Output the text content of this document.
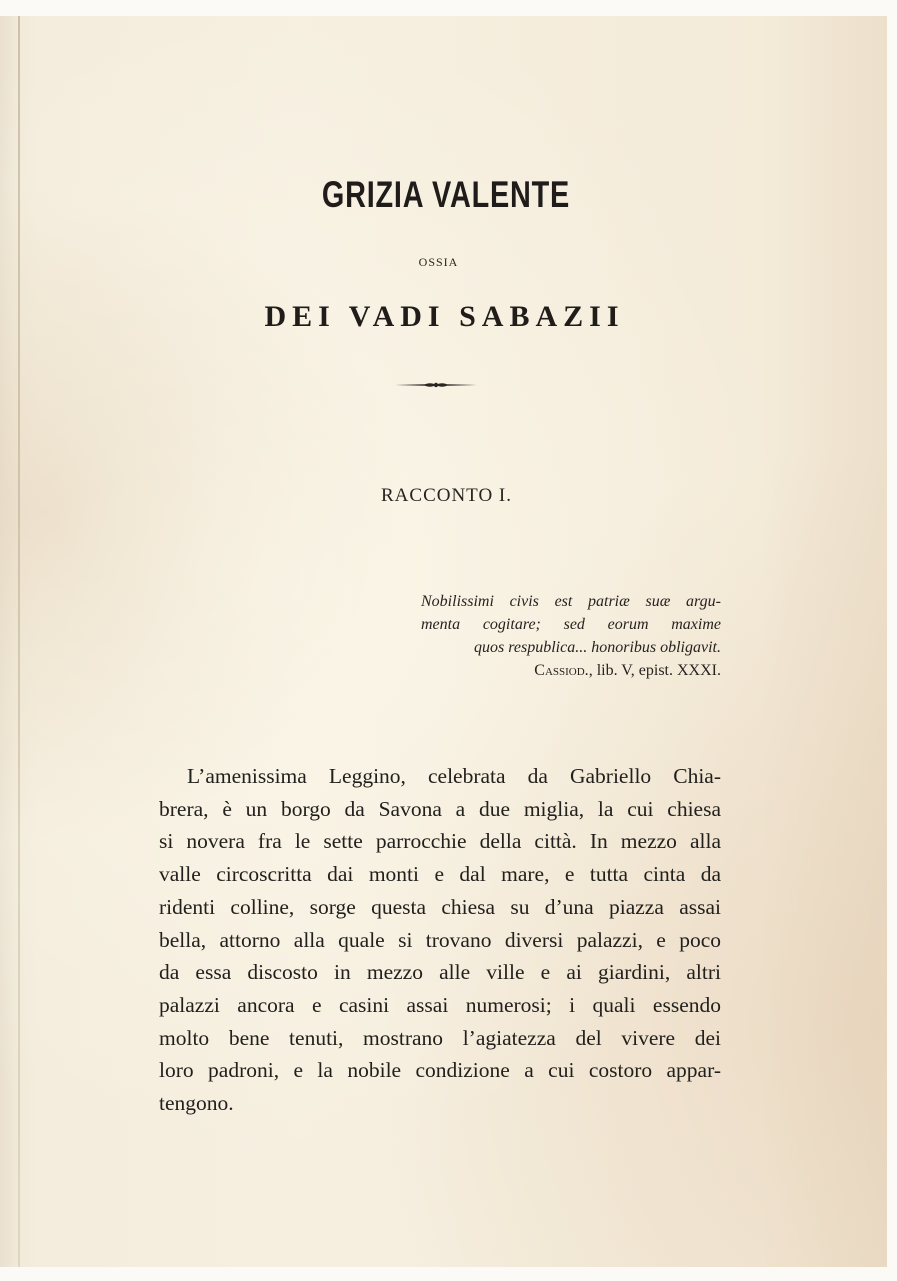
GRIZIA VALENTE
OSSIA
DEI VADI SABAZII
RACCONTO I.
Nobilissimi civis est patriæ suæ argu-
menta cogitare; sed eorum maxime
quos respublica... honoribus obligavit.
Cassiod., lib. V, epist. XXXI.
L’amenissima Leggino, celebrata da Gabriello Chia-
brera, è un borgo da Savona a due miglia, la cui chiesa
si novera fra le sette parrocchie della città. In mezzo alla
valle circoscritta dai monti e dal mare, e tutta cinta da
ridenti colline, sorge questa chiesa su d’una piazza assai
bella, attorno alla quale si trovano diversi palazzi, e poco
da essa discosto in mezzo alle ville e ai giardini, altri
palazzi ancora e casini assai numerosi; i quali essendo
molto bene tenuti, mostrano l’agiatezza del vivere dei
loro padroni, e la nobile condizione a cui costoro appar-
tengono.
